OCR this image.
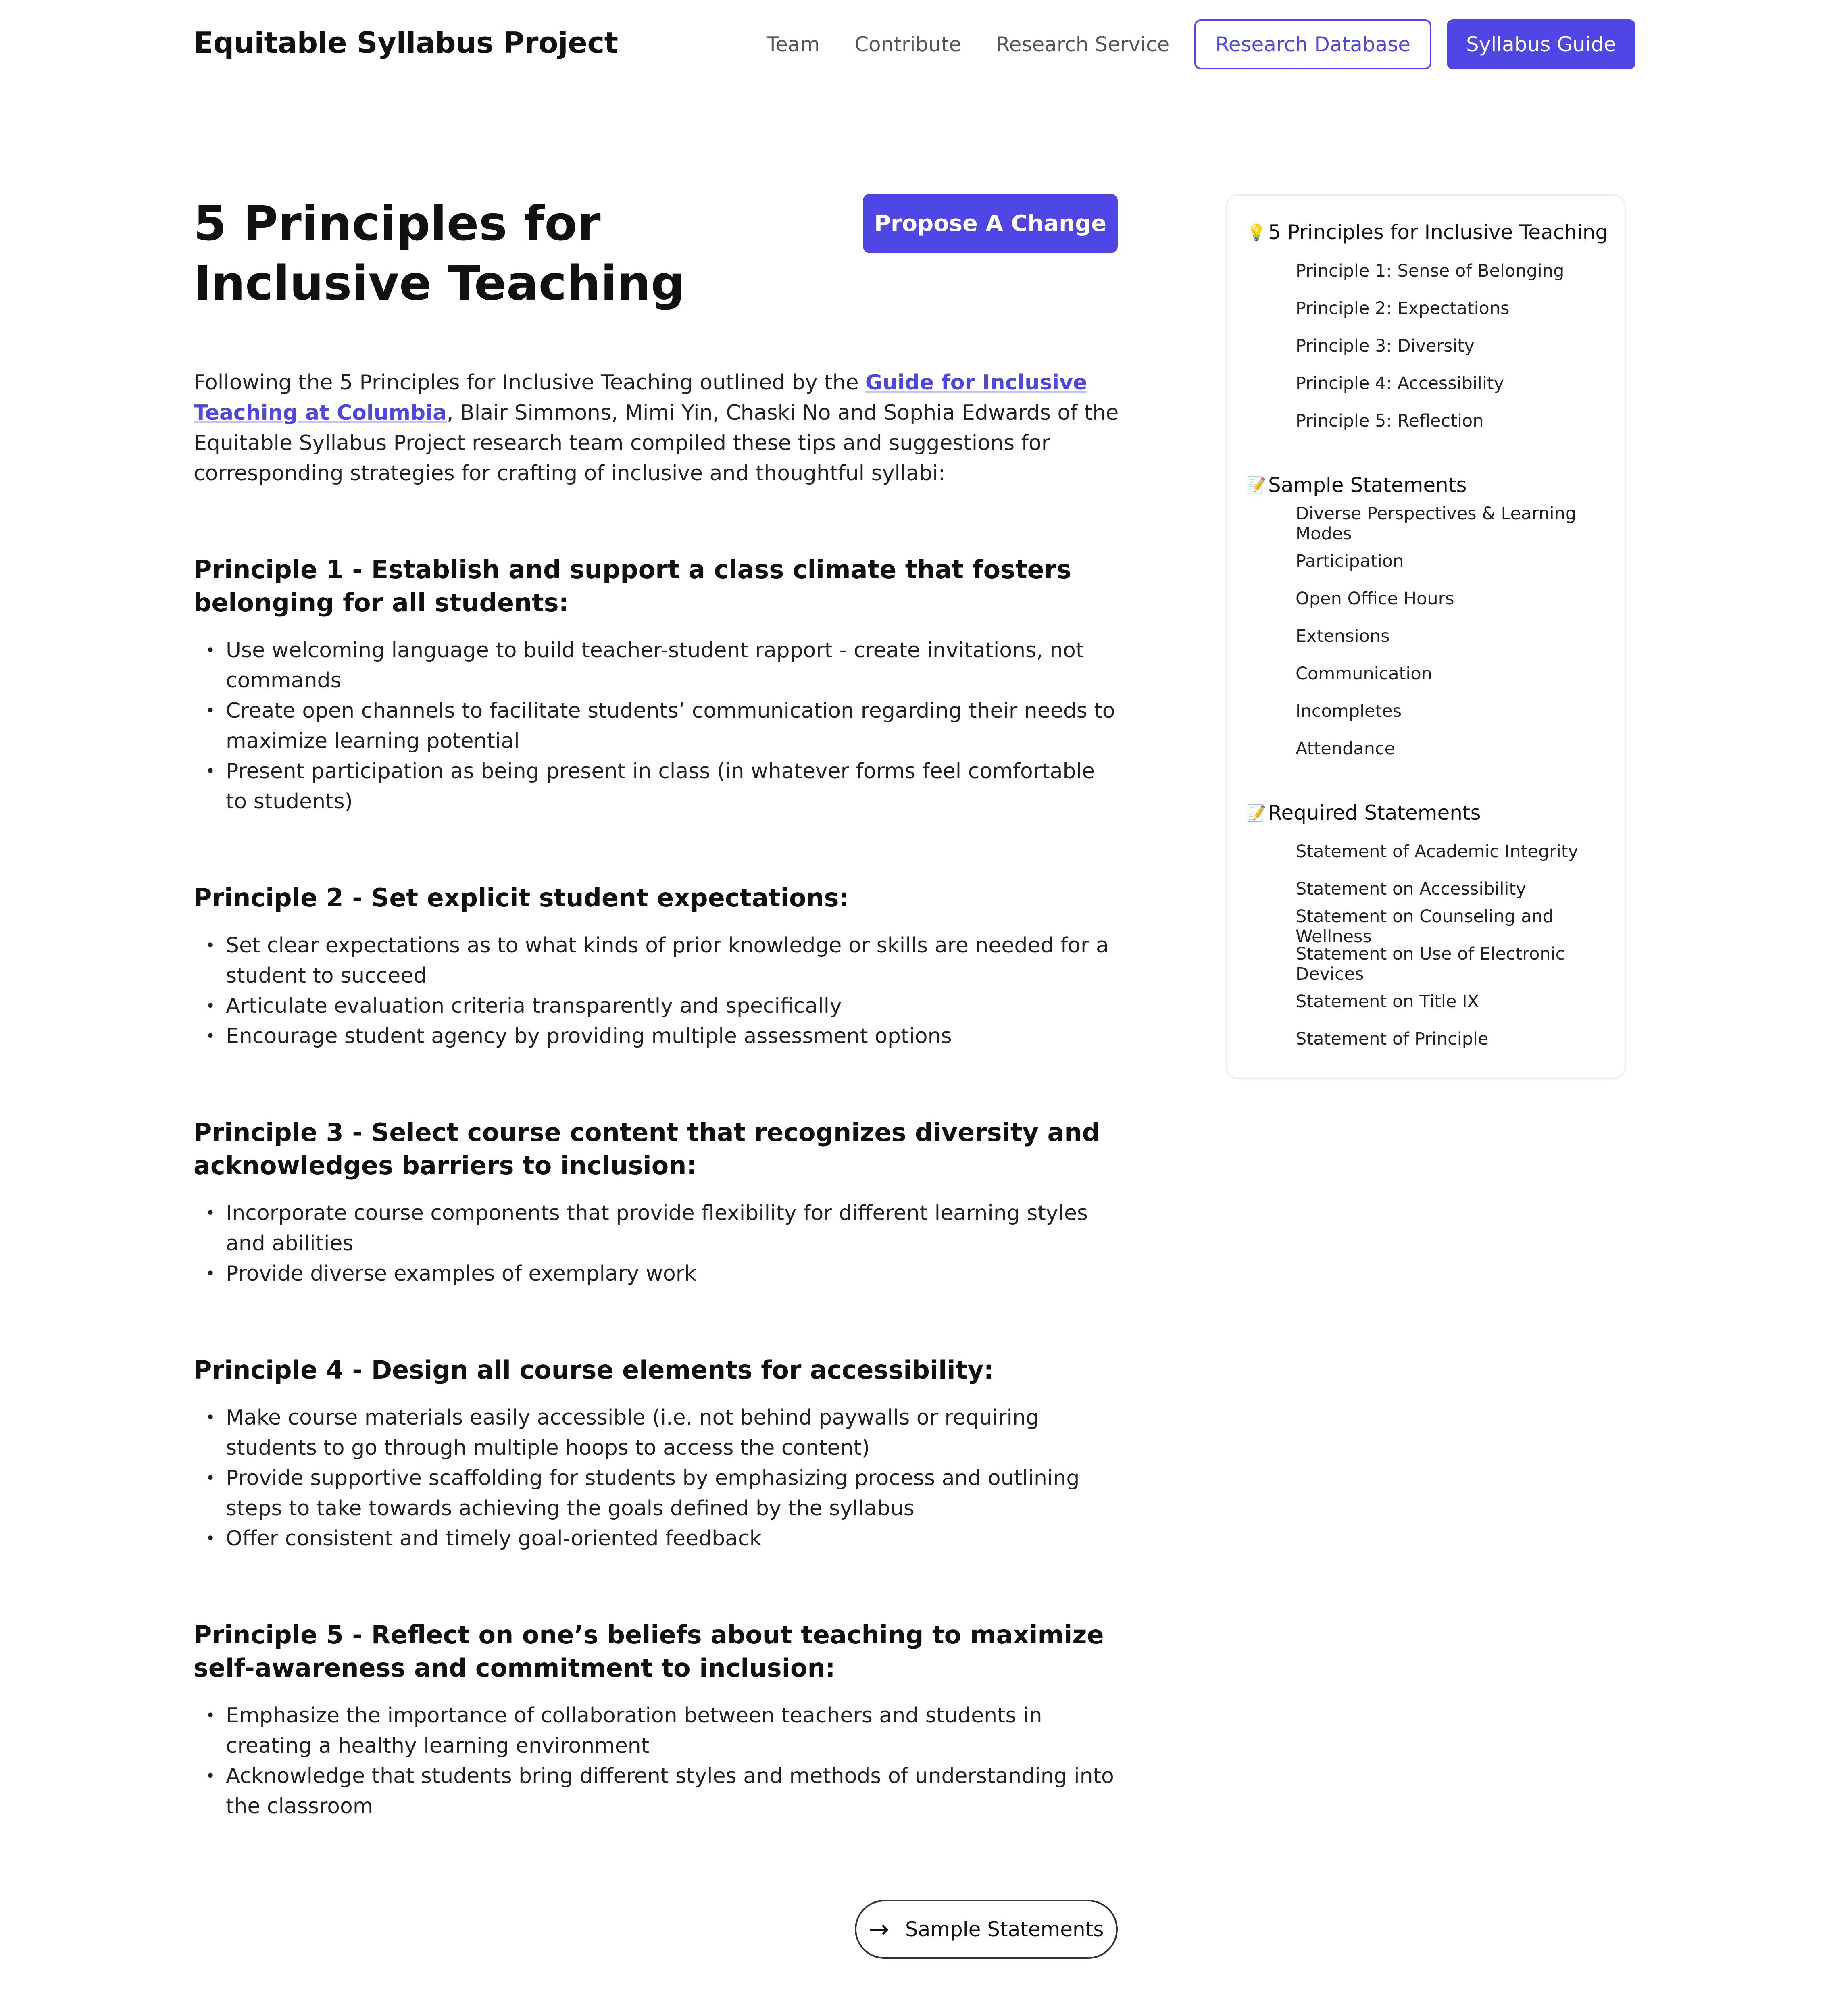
Equitable Syllabus Project	Team Contribute Research Service	Research Database	Syllabus Guide
5 Principles for Inclusive Teaching
Propose A Change

Following the 5 Principles for Inclusive Teaching outlined by the Guide for Inclusive Teaching at Columbia, Blair Simmons, Mimi Yin, Chaski No and Sophia Edwards of the Equitable Syllabus Project research team compiled these tips and suggestions for corresponding strategies for crafting of inclusive and thoughtful syllabi:

Principle 1 - Establish and support a class climate that fosters belonging for all students:
• Use welcoming language to build teacher-student rapport - create invitations, not commands
• Create open channels to facilitate students’ communication regarding their needs to maximize learning potential
• Present participation as being present in class (in whatever forms feel comfortable to students)
Principle 2 - Set explicit student expectations:
• Set clear expectations as to what kinds of prior knowledge or skills are needed for a student to succeed
• Articulate evaluation criteria transparently and specifically
• Encourage student agency by providing multiple assessment options
Principle 3 - Select course content that recognizes diversity and acknowledges barriers to inclusion:
• Incorporate course components that provide flexibility for different learning styles and abilities
• Provide diverse examples of exemplary work
Principle 4 - Design all course elements for accessibility:
• Make course materials easily accessible (i.e. not behind paywalls or requiring students to go through multiple hoops to access the content)
• Provide supportive scaffolding for students by emphasizing process and outlining steps to take towards achieving the goals defined by the syllabus
• Offer consistent and timely goal-oriented feedback
Principle 5 - Reflect on one’s beliefs about teaching to maximize self-awareness and commitment to inclusion:
• Emphasize the importance of collaboration between teachers and students in creating a healthy learning environment
• Acknowledge that students bring different styles and methods of understanding into the classroom
→ Sample Statements
💡 5 Principles for Inclusive Teaching
Principle 1: Sense of Belonging
Principle 2: Expectations
Principle 3: Diversity
Principle 4: Accessibility
Principle 5: Reflection
📝 Sample Statements
Diverse Perspectives & Learning Modes
Participation
Open Office Hours
Extensions
Communication
Incompletes
Attendance
📝 Required Statements
Statement of Academic Integrity
Statement on Accessibility
Statement on Counseling and Wellness
Statement on Use of Electronic Devices
Statement on Title IX
Statement of Principle
